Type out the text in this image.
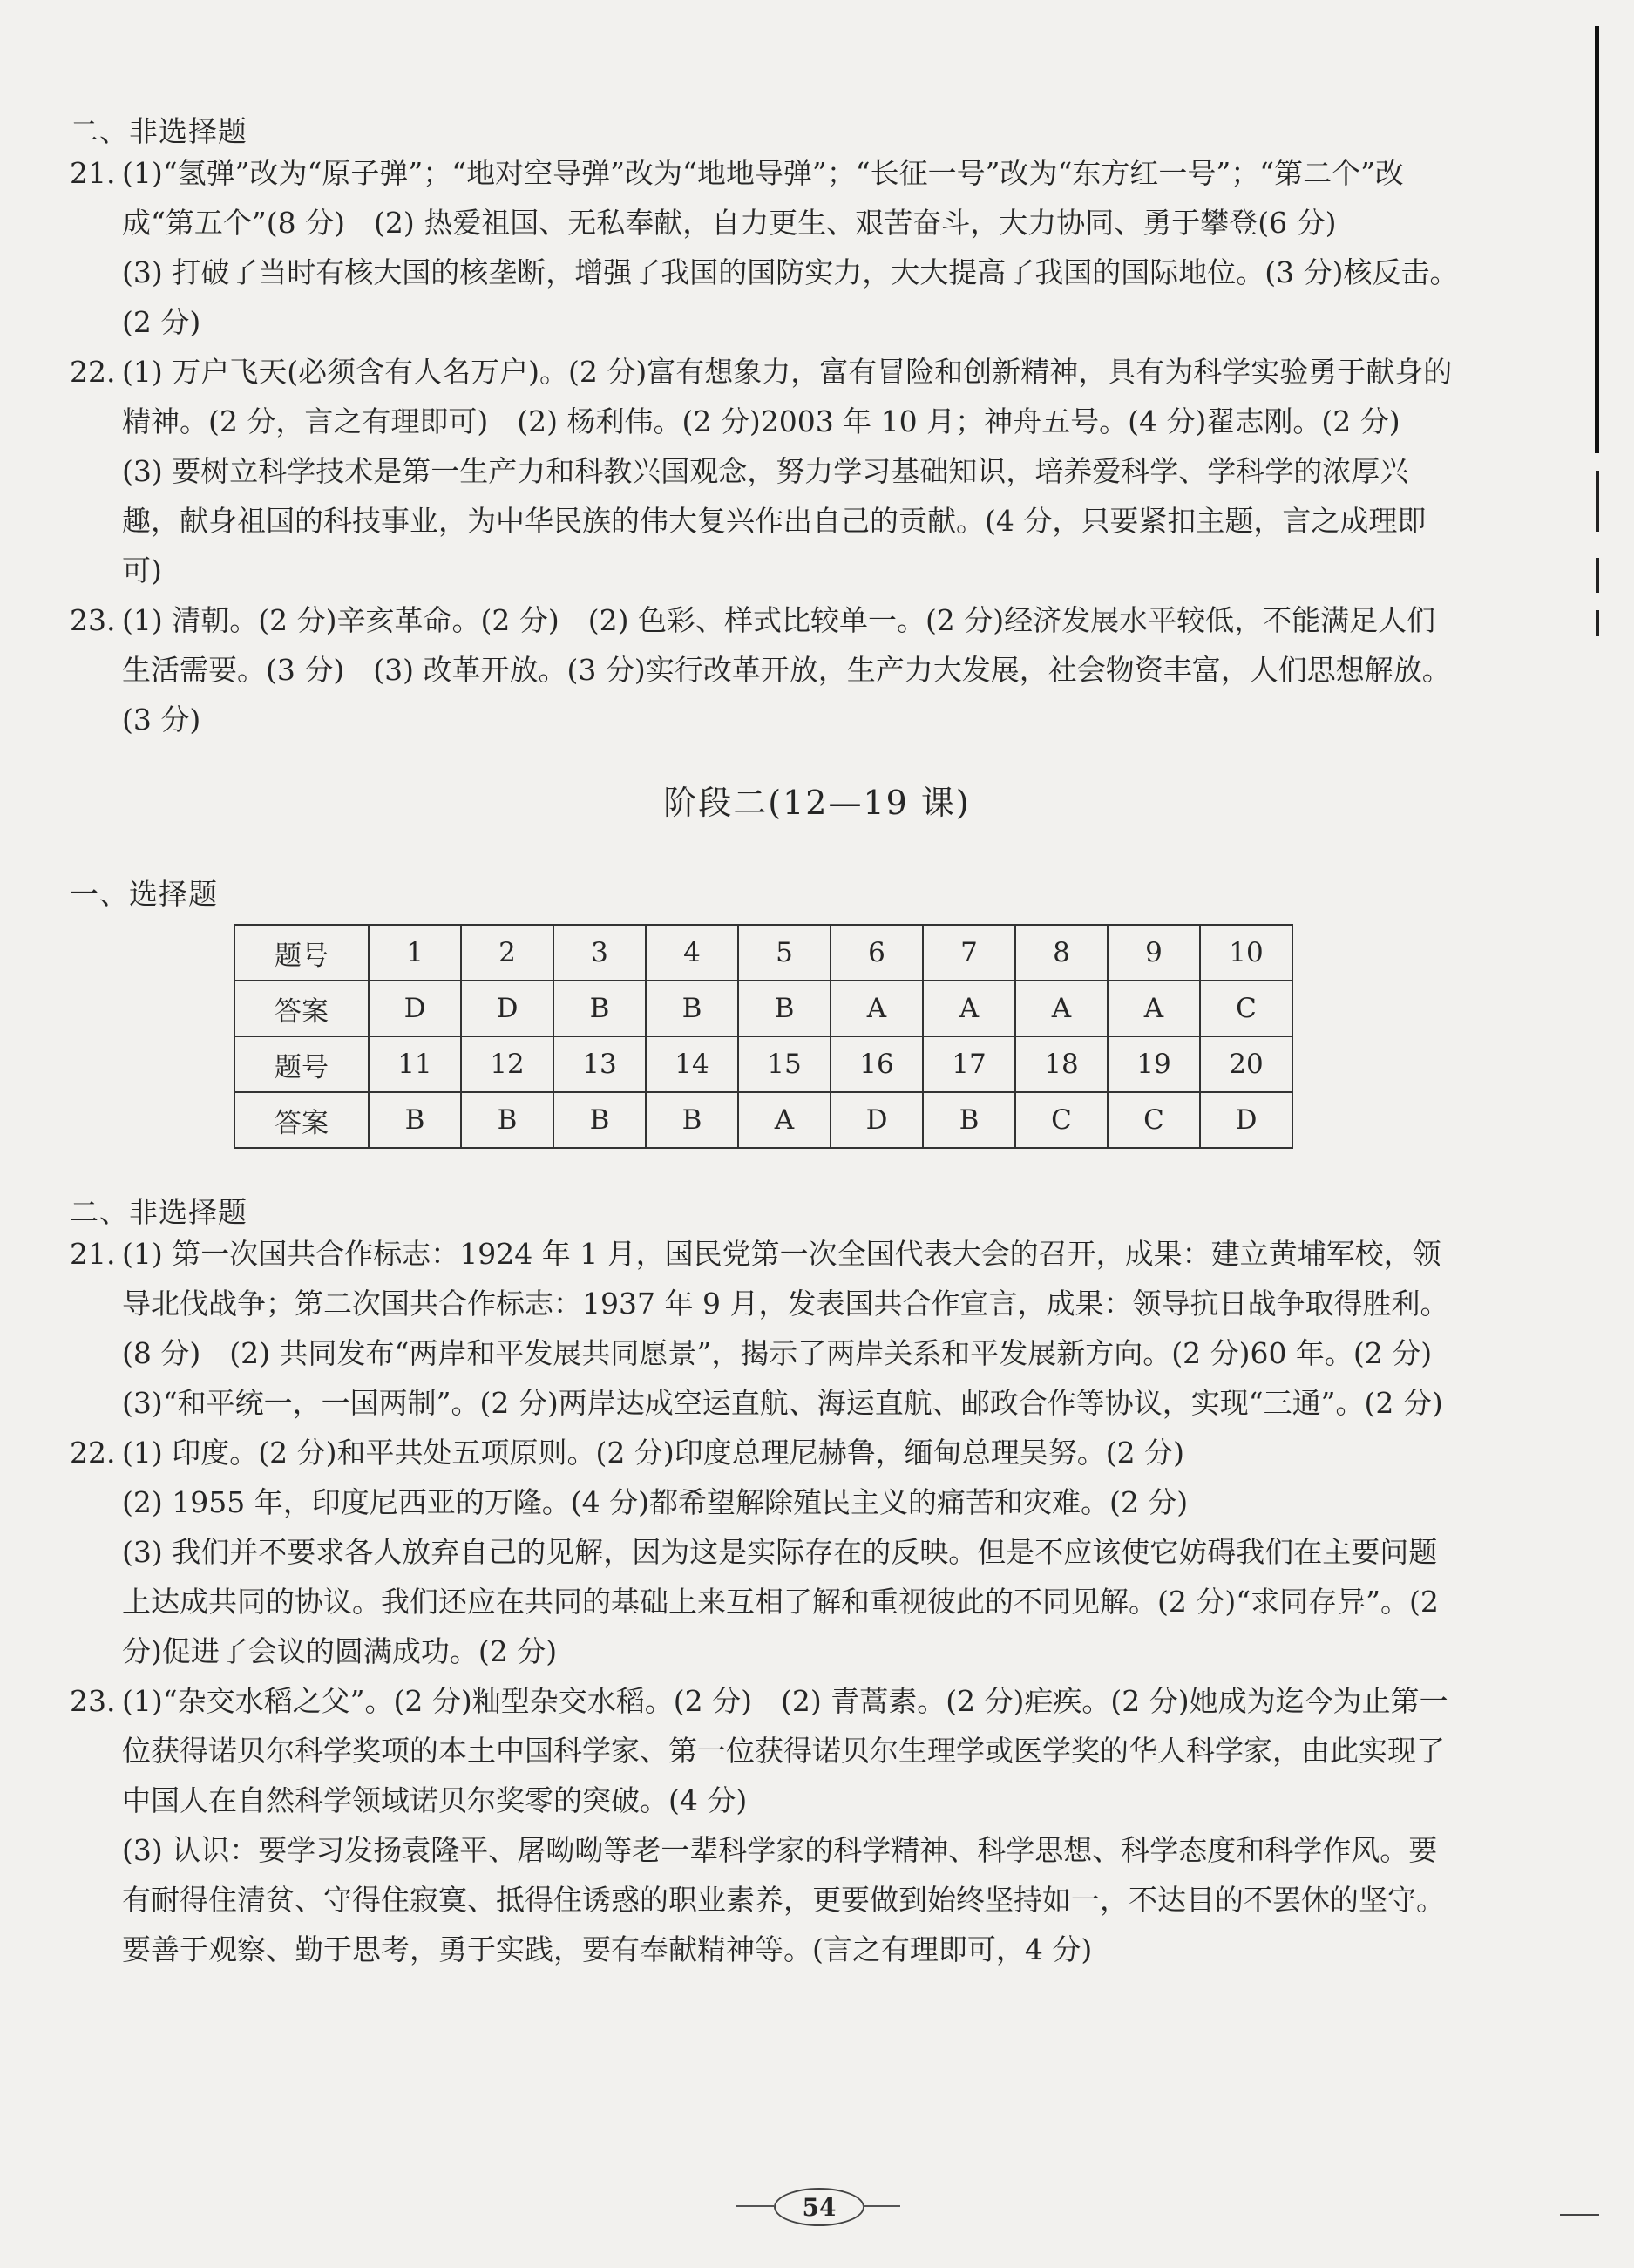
二、非选择题
21. (1)“氢弹”改为“原子弹”；“地对空导弹”改为“地地导弹”；“长征一号”改为“东方红一号”；“第二个”改成“第五个”(8 分)　(2) 热爱祖国、无私奉献，自力更生、艰苦奋斗，大力协同、勇于攀登(6 分)

(3) 打破了当时有核大国的核垄断，增强了我国的国防实力，大大提高了我国的国际地位。(3 分)核反击。(2 分)

22. (1) 万户飞天(必须含有人名万户)。(2 分)富有想象力，富有冒险和创新精神，具有为科学实验勇于献身的精神。(2 分，言之有理即可)　(2) 杨利伟。(2 分)2003 年 10 月；神舟五号。(4 分)翟志刚。(2 分)　(3) 要树立科学技术是第一生产力和科教兴国观念，努力学习基础知识，培养爱科学、学科学的浓厚兴趣，献身祖国的科技事业，为中华民族的伟大复兴作出自己的贡献。(4 分，只要紧扣主题，言之成理即可)

23. (1) 清朝。(2 分)辛亥革命。(2 分)　(2) 色彩、样式比较单一。(2 分)经济发展水平较低，不能满足人们生活需要。(3 分)　(3) 改革开放。(3 分)实行改革开放，生产力大发展，社会物资丰富，人们思想解放。(3 分)

阶段二(12—19 课)
一、选择题
题号	1	2	3	4	5	6	7	8	9	10
答案	D	D	B	B	B	A	A	A	A	C
题号	11	12	13	14	15	16	17	18	19	20
答案	B	B	B	B	A	D	B	C	C	D
二、非选择题
21. (1) 第一次国共合作标志：1924 年 1 月，国民党第一次全国代表大会的召开，成果：建立黄埔军校，领导北伐战争；第二次国共合作标志：1937 年 9 月，发表国共合作宣言，成果：领导抗日战争取得胜利。(8 分)　(2) 共同发布“两岸和平发展共同愿景”，揭示了两岸关系和平发展新方向。(2 分)60 年。(2 分)　(3)“和平统一，一国两制”。(2 分)两岸达成空运直航、海运直航、邮政合作等协议，实现“三通”。(2 分)

22. (1) 印度。(2 分)和平共处五项原则。(2 分)印度总理尼赫鲁，缅甸总理吴努。(2 分)

(2) 1955 年，印度尼西亚的万隆。(4 分)都希望解除殖民主义的痛苦和灾难。(2 分)

(3) 我们并不要求各人放弃自己的见解，因为这是实际存在的反映。但是不应该使它妨碍我们在主要问题上达成共同的协议。我们还应在共同的基础上来互相了解和重视彼此的不同见解。(2 分)“求同存异”。(2 分)促进了会议的圆满成功。(2 分)

23. (1)“杂交水稻之父”。(2 分)籼型杂交水稻。(2 分)　(2) 青蒿素。(2 分)疟疾。(2 分)她成为迄今为止第一位获得诺贝尔科学奖项的本土中国科学家、第一位获得诺贝尔生理学或医学奖的华人科学家，由此实现了中国人在自然科学领域诺贝尔奖零的突破。(4 分)

(3) 认识：要学习发扬袁隆平、屠呦呦等老一辈科学家的科学精神、科学思想、科学态度和科学作风。要有耐得住清贫、守得住寂寞、抵得住诱惑的职业素养，更要做到始终坚持如一，不达目的不罢休的坚守。要善于观察、勤于思考，勇于实践，要有奉献精神等。(言之有理即可，4 分)

54
